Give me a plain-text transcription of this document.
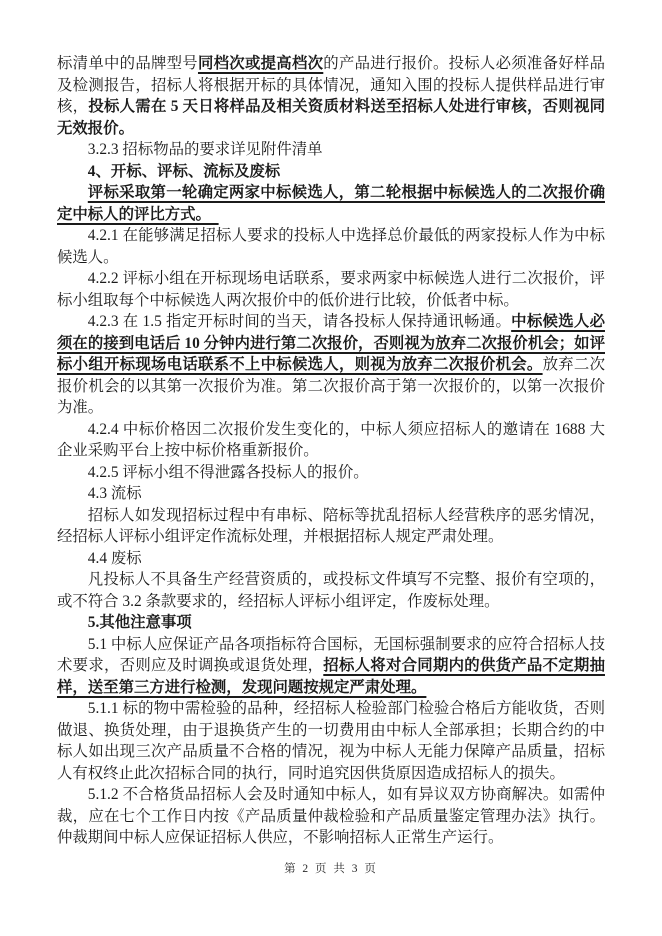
标清单中的品牌型号同档次或提高档次的产品进行报价。投标人必须准备好样品及检测报告，招标人将根据开标的具体情况，通知入围的投标人提供样品进行审核，投标人需在 5 天日将样品及相关资质材料送至招标人处进行审核，否则视同无效报价。

3.2.3 招标物品的要求详见附件清单

4、开标、评标、流标及废标

评标采取第一轮确定两家中标候选人，第二轮根据中标候选人的二次报价确定中标人的评比方式。　

4.2.1 在能够满足招标人要求的投标人中选择总价最低的两家投标人作为中标候选人。

4.2.2 评标小组在开标现场电话联系，要求两家中标候选人进行二次报价，评标小组取每个中标候选人两次报价中的低价进行比较，价低者中标。

4.2.3 在 1.5 指定开标时间的当天，请各投标人保持通讯畅通。中标候选人必须在的接到电话后 10 分钟内进行第二次报价，否则视为放弃二次报价机会；如评标小组开标现场电话联系不上中标候选人，则视为放弃二次报价机会。放弃二次报价机会的以其第一次报价为准。第二次报价高于第一次报价的，以第一次报价为准。

4.2.4 中标价格因二次报价发生变化的，中标人须应招标人的邀请在 1688 大企业采购平台上按中标价格重新报价。

4.2.5 评标小组不得泄露各投标人的报价。

4.3 流标

招标人如发现招标过程中有串标、陪标等扰乱招标人经营秩序的恶劣情况，经招标人评标小组评定作流标处理，并根据招标人规定严肃处理。

4.4 废标

凡投标人不具备生产经营资质的，或投标文件填写不完整、报价有空项的，或不符合 3.2 条款要求的，经招标人评标小组评定，作废标处理。

5.其他注意事项

5.1 中标人应保证产品各项指标符合国标，无国标强制要求的应符合招标人技术要求，否则应及时调换或退货处理，招标人将对合同期内的供货产品不定期抽样，送至第三方进行检测，发现问题按规定严肃处理。

5.1.1 标的物中需检验的品种，经招标人检验部门检验合格后方能收货，否则做退、换货处理，由于退换货产生的一切费用由中标人全部承担；长期合约的中标人如出现三次产品质量不合格的情况，视为中标人无能力保障产品质量，招标人有权终止此次招标合同的执行，同时追究因供货原因造成招标人的损失。

5.1.2 不合格货品招标人会及时通知中标人，如有异议双方协商解决。如需仲裁，应在七个工作日内按《产品质量仲裁检验和产品质量鉴定管理办法》执行。仲裁期间中标人应保证招标人供应，不影响招标人正常生产运行。

第 2 页 共 3 页
